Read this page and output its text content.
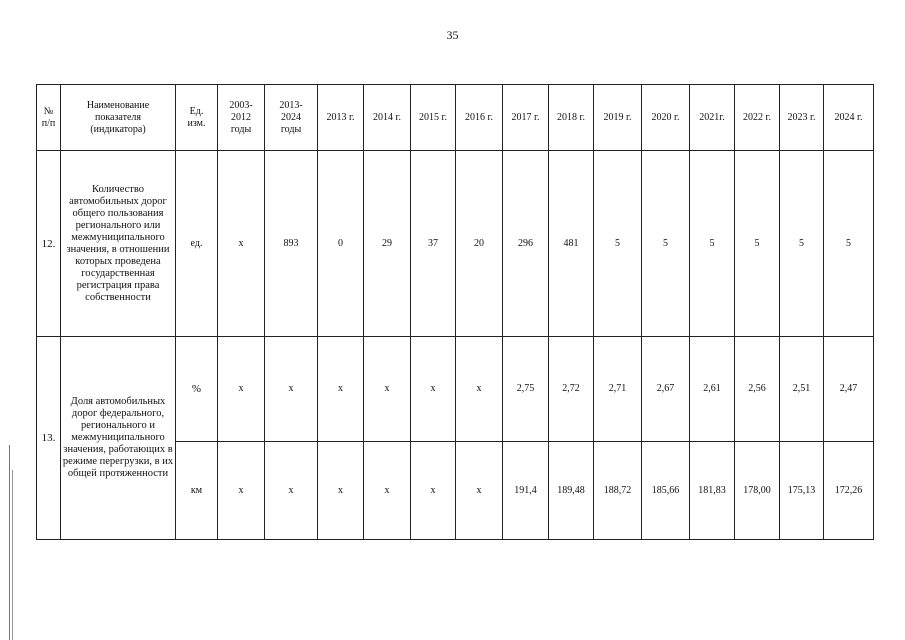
35
№
п/п	Наименование
показателя
(индикатора)	Ед.
изм.	2003-
2012
годы	2013-
2024
годы	2013 г.	2014 г.	2015 г.	2016 г.	2017 г.	2018 г.	2019 г.	2020 г.	2021г.	2022 г.	2023 г.	2024 г.
12.	Количество автомобильных дорог общего пользования регионального или межмуниципального значения, в отношении которых проведена государственная регистрация права собственности	ед.	х	893	0	29	37	20	296	481	5	5	5	5	5	5
13.	Доля автомобильных дорог федерального, регионального и межмуниципального значения, работающих в режиме перегрузки, в их общей протяженности	%	х	х	х	х	х	х	2,75	2,72	2,71	2,67	2,61	2,56	2,51	2,47
		км	х	х	х	х	х	х	191,4	189,48	188,72	185,66	181,83	178,00	175,13	172,26
